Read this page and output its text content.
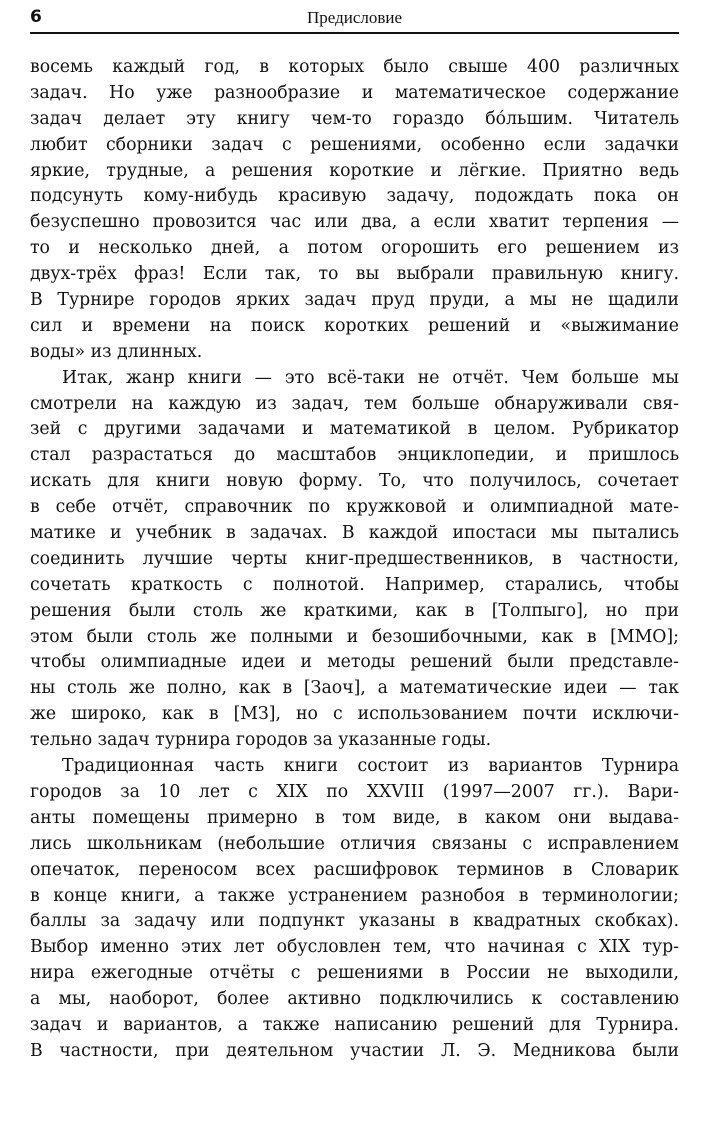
6	Предисловие
восемь каждый год, в которых было свыше 400 различных
задач. Но уже разнообразие и математическое содержание
задач делает эту книгу чем-то гораздо бо́льшим. Читатель
любит сборники задач с решениями, особенно если задачки
яркие, трудные, а решения короткие и лёгкие. Приятно ведь
подсунуть кому-нибудь красивую задачу, подождать пока он
безуспешно провозится час или два, а если хватит терпения —
то и несколько дней, а потом огорошить его решением из
двух-трёх фраз! Если так, то вы выбрали правильную книгу.
В Турнире городов ярких задач пруд пруди, а мы не щадили
сил и времени на поиск коротких решений и «выжимание
воды» из длинных.
Итак, жанр книги — это всё-таки не отчёт. Чем больше мы
смотрели на каждую из задач, тем больше обнаруживали свя-
зей с другими задачами и математикой в целом. Рубрикатор
стал разрастаться до масштабов энциклопедии, и пришлось
искать для книги новую форму. То, что получилось, сочетает
в себе отчёт, справочник по кружковой и олимпиадной мате-
матике и учебник в задачах. В каждой ипостаси мы пытались
соединить лучшие черты книг-предшественников, в частности,
сочетать краткость с полнотой. Например, старались, чтобы
решения были столь же краткими, как в [Толпыго], но при
этом были столь же полными и безошибочными, как в [ММО];
чтобы олимпиадные идеи и методы решений были представле-
ны столь же полно, как в [Заоч], а математические идеи — так
же широко, как в [МЗ], но с использованием почти исключи-
тельно задач турнира городов за указанные годы.
Традиционная часть книги состоит из вариантов Турнира
городов за 10 лет с XIX по XXVIII (1997—2007 гг.). Вари-
анты помещены примерно в том виде, в каком они выдава-
лись школьникам (небольшие отличия связаны с исправлением
опечаток, переносом всех расшифровок терминов в Словарик
в конце книги, а также устранением разнобоя в терминологии;
баллы за задачу или подпункт указаны в квадратных скобках).
Выбор именно этих лет обусловлен тем, что начиная с XIX тур-
нира ежегодные отчёты с решениями в России не выходили,
а мы, наоборот, более активно подключились к составлению
задач и вариантов, а также написанию решений для Турнира.
В частности, при деятельном участии Л. Э. Медникова были
